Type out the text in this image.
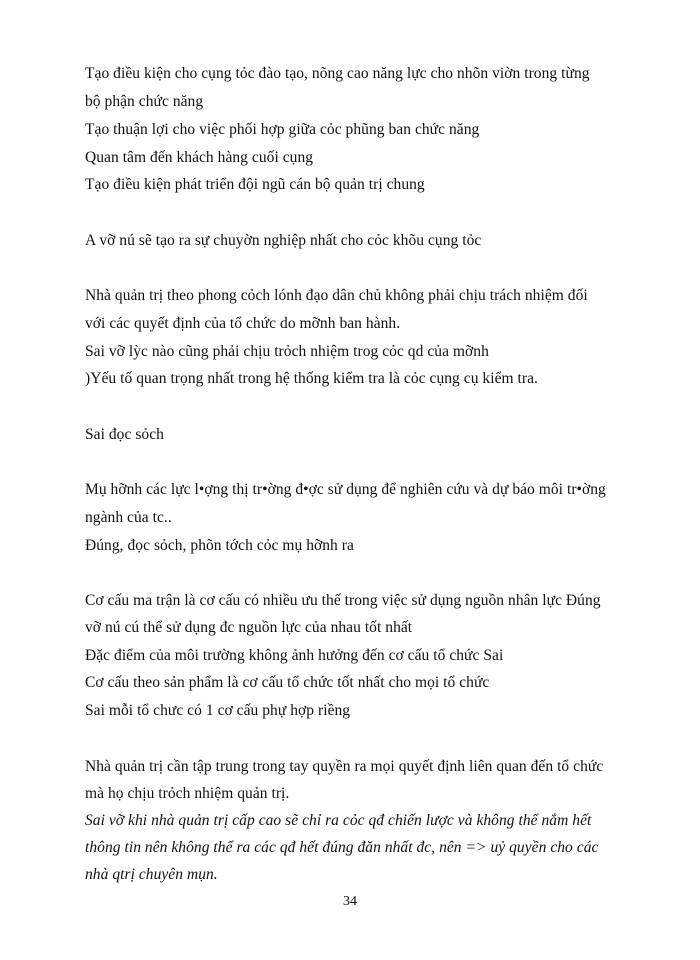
Tạo điều kiện cho cụng tỏc đào tạo, nõng cao năng lực cho nhõn viờn trong từng
bộ phận chức năng
Tạo thuận lợi cho việc phối hợp giữa cỏc phũng ban chức năng
Quan tâm đến khách hàng cuối cụng
Tạo điều kiện phát triển đội ngũ cán bộ quản trị chung
A vỡ nú sẽ tạo ra sự chuyờn nghiệp nhất cho cỏc khõu cụng tỏc
Nhà quản trị theo phong cỏch lónh đạo dân chủ không phải chịu trách nhiệm đối
với các quyết định của tổ chức do mỡnh ban hành.
Sai vỡ lỳc nào cũng phải chịu trỏch nhiệm trog cỏc qd của mỡnh
)Yếu tố quan trọng nhất trong hệ thống kiểm tra là cỏc cụng cụ kiểm tra.
Sai đọc sỏch
Mụ hỡnh các lực l•ợng thị tr•ờng đ•ợc sử dụng để nghiên cứu và dự báo môi tr•ờng
ngành của tc..
Đúng, đọc sỏch, phõn tớch cỏc mụ hỡnh ra
Cơ cấu ma trận là cơ cấu có nhiều ưu thế trong việc sử dụng nguồn nhân lực Đúng
vỡ nú cú thể sử dụng đc nguồn lực của nhau tốt nhất
Đặc điểm của môi trường không ảnh hưởng đến cơ cấu tổ chức Sai
Cơ cấu theo sản phẩm là cơ cấu tổ chức tốt nhất cho mọi tổ chức
Sai mỗi tổ chưc có 1 cơ cấu phự hợp riềng
Nhà quản trị cần tập trung trong tay quyền ra mọi quyết định liên quan đến tổ chức
mà họ chịu trỏch nhiệm quản trị.
Sai vỡ khi nhà quản trị cấp cao sẽ chỉ ra cỏc qđ chiến lược và không thể nắm hết
thông tin nên không thể ra các qđ hết đúng đăn nhất đc, nên => uỷ quyền cho các
nhà qtrị chuyên mụn.
34
